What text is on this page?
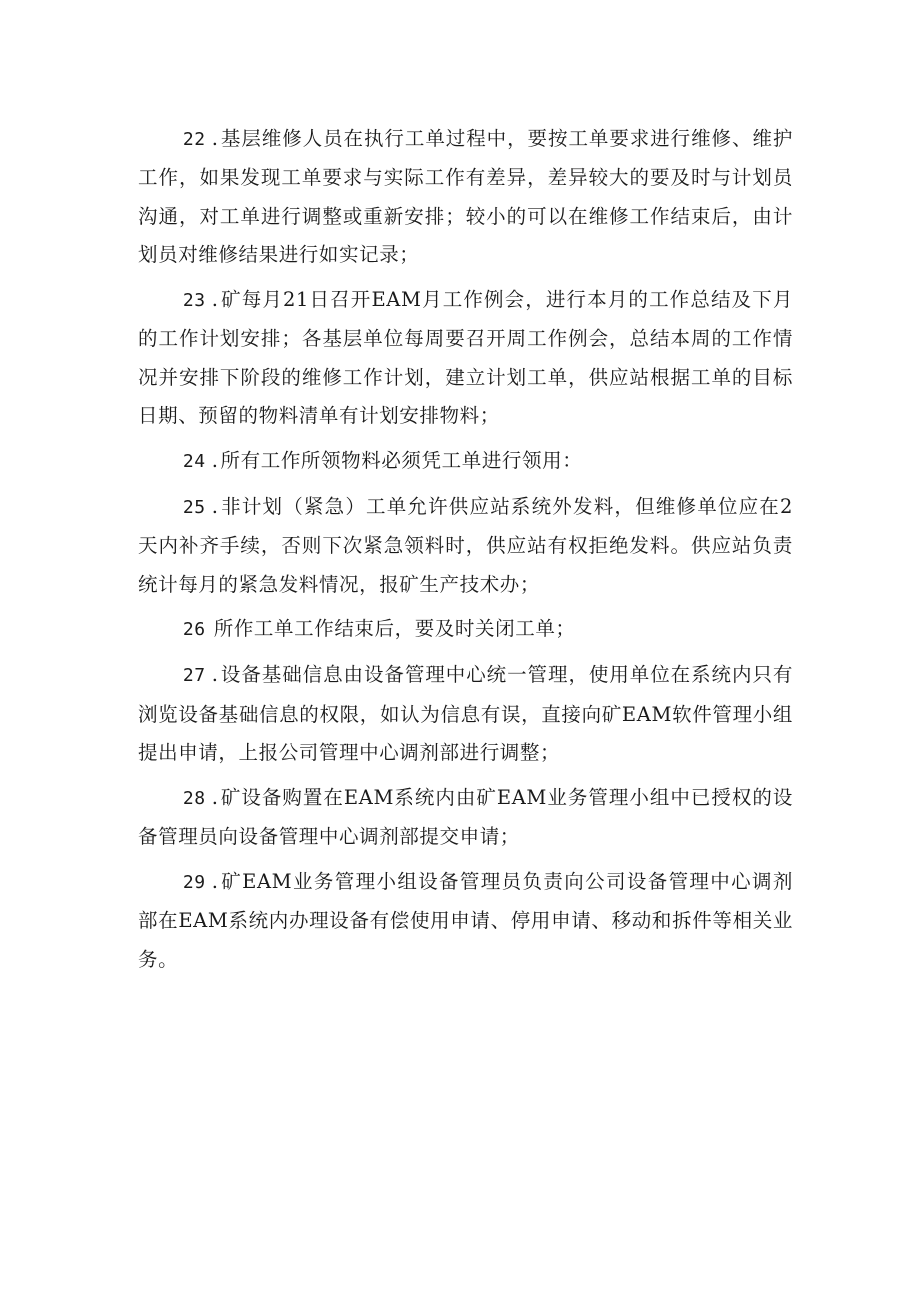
22 . 基层维修人员在执行工单过程中，要按工单要求进行维修、维护工作，如果发现工单要求与实际工作有差异，差异较大的要及时与计划员沟通，对工单进行调整或重新安排；较小的可以在维修工作结束后，由计划员对维修结果进行如实记录；

23 . 矿每月21日召开EAM月工作例会，进行本月的工作总结及下月的工作计划安排；各基层单位每周要召开周工作例会，总结本周的工作情况并安排下阶段的维修工作计划，建立计划工单，供应站根据工单的目标日期、预留的物料清单有计划安排物料；

24 . 所有工作所领物料必须凭工单进行领用：

25 . 非计划（紧急）工单允许供应站系统外发料，但维修单位应在2天内补齐手续，否则下次紧急领料时，供应站有权拒绝发料。供应站负责统计每月的紧急发料情况，报矿生产技术办；

26 所作工单工作结束后，要及时关闭工单；

27 . 设备基础信息由设备管理中心统一管理，使用单位在系统内只有浏览设备基础信息的权限，如认为信息有误，直接向矿EAM软件管理小组提出申请，上报公司管理中心调剂部进行调整；

28 . 矿设备购置在EAM系统内由矿EAM业务管理小组中已授权的设备管理员向设备管理中心调剂部提交申请；

29 . 矿EAM业务管理小组设备管理员负责向公司设备管理中心调剂部在EAM系统内办理设备有偿使用申请、停用申请、移动和拆件等相关业务。
